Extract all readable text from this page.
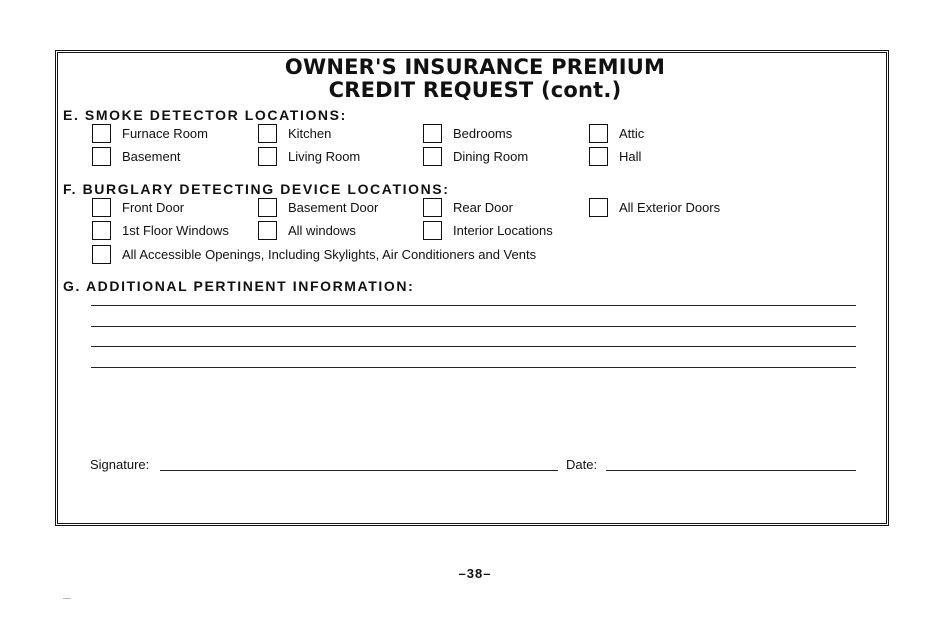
OWNER'S INSURANCE PREMIUM
CREDIT REQUEST (cont.)
E. SMOKE DETECTOR LOCATIONS:
Furnace Room	Kitchen	Bedrooms	Attic
Basement	Living Room	Dining Room	Hall
F. BURGLARY DETECTING DEVICE LOCATIONS:
Front Door	Basement Door	Rear Door	All Exterior Doors
1st Floor Windows	All windows	Interior Locations
All Accessible Openings, Including Skylights, Air Conditioners and Vents
G. ADDITIONAL PERTINENT INFORMATION:
Signature:	Date:
–38–
